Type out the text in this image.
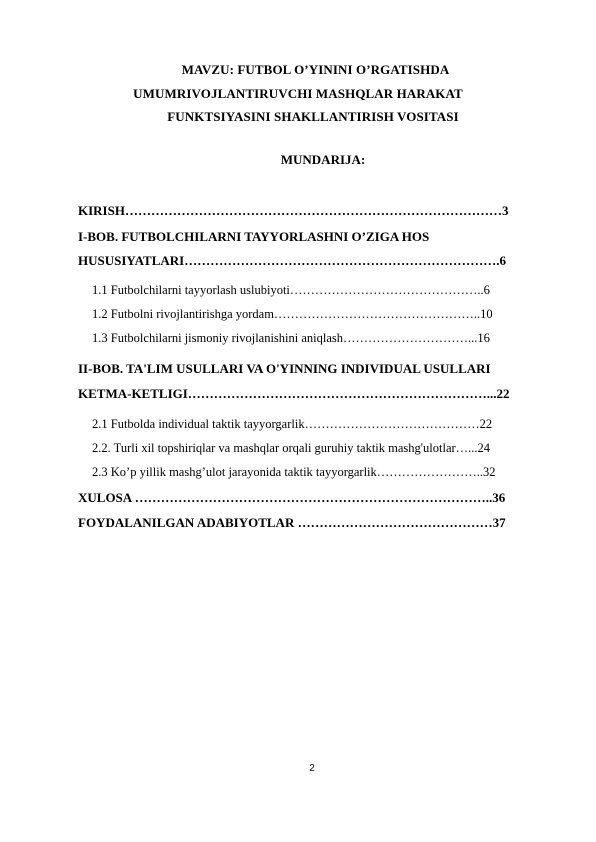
MAVZU: FUTBOL O’YININI O’RGATISHDA
UMUMRIVOJLANTIRUVCHI MASHQLAR HARAKAT
FUNKTSIYASINI SHAKLLANTIRISH VOSITASI
MUNDARIJA:
KIRISH……………………………………………………………………………3
I-BOB. FUTBOLCHILARNI TAYYORLASHNI O’ZIGA HOS
HUSUSIYATLARI……………………………………………………………….6
1.1 Futbolchilarni tayyorlash uslubiyoti………………………………………..6
1.2 Futbolni rivojlantirishga yordam…………………………………………..10
1.3 Futbolchilarni jismoniy rivojlanishini aniqlash…………………………...16
II-BOB. TA'LIM USULLARI VA O'YINNING INDIVIDUAL USULLARI
KETMA-KETLIGI……………………………………………………………...22
2.1 Futbolda individual taktik tayyorgarlik……………………………………22
2.2. Turli xil topshiriqlar va mashqlar orqali guruhiy taktik mashg'ulotlar…...24
2.3 Ko’p yillik mashg’ulot jarayonida taktik tayyorgarlik……………………..32
XULOSA ………………………………………………………………………..36
FOYDALANILGAN ADABIYOTLAR ………………………………………37
2
